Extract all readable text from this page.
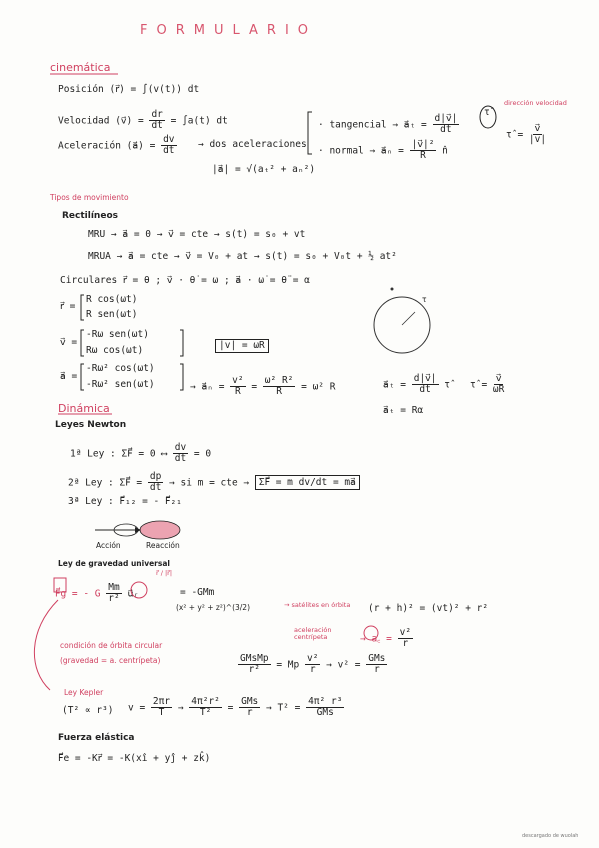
FORMULARIO
cinemática
Posición (r⃗) = ∫(v(t)) dt
Velocidad (v⃗) = $\frac{dr}{dt} = \int a(t)$ dt
Aceleración (a⃗) = $\frac{dv}{dt}$ → dos aceleraciones
· tangencial → a⃗ₜ = $\frac{d|v⃗|}{dt}$
· normal → a⃗ₙ = $\frac{\text{|v⃗|²}}{R}$ n̂
|a⃗| = √(aₜ² + aₙ²)
τ̂
dirección velocidad
τ̂ = $\frac{v⃗}{|v|}$
Tipos de movimiento
Rectilíneos
MRU → a⃗ = 0 → v⃗ = cte → s(t) = s₀ + vt
MRUA → a⃗ = cte → v⃗ = V₀ + at → s(t) = s₀ + V₀t + ½ at²
Circulares r⃗ = θ ; v⃗ · θ̇ = ω ; a⃗ · ω̇ = θ̈ = α
r⃗ =
R cos(ωt)
R sen(ωt)
v⃗ =
-Rω sen(ωt)
Rω cos(ωt)	|v| = ωR
a⃗ =
-Rω² cos(ωt)
-Rω² sen(ωt)	→ a⃗ₙ = $\frac{\text{v²}}{R} = \frac{\text{ω² R²}}{R} = \omega^2$ R	a⃗ₜ = $\frac{d|v⃗|}{dt}$ τ̂ τ̂ = $\frac{v⃗}{\omega R}$
a⃗ₜ = Rα
τ
Dinámica
Leyes Newton
1ª Ley : ΣF⃗ = 0 ⟷ $\frac{dv}{dt} = 0$
2ª Ley : ΣF⃗ = $\frac{dp}{dt}$ → si m = cte → ΣF⃗ = m dv/dt = ma⃗
3ª Ley : F⃗₁₂ = - F⃗₂₁
Acción	Reacción
Ley de gravedad universal
F⃗g = - G $\frac{Mm}{\text{r²}}$ u⃗ᵣ
r⃗ / |r⃗|
= -GMm
(x² + y² + z²)^(3/2)	→ satélites en órbita	(r + h)² = (vt)² + r²
aceleración centrípeta	→ a꜀ = $\frac{\text{v²}}{r}$
condición de órbita circular
(gravedad = a. centrípeta)	$\frac{\text{GMsMp}}{\text{r²}} = Mp \frac{\text{v²}}{r} \to v^2 = \frac{\text{GMs}}{r}$
Ley Kepler
(T² ∝ r³) $v = \frac{2\pi r}{T} \to \frac{\text{4π²r²}}{\text{T²}} = \frac{\text{GMs}}{r} \to T^2 = \frac{\text{4π² r³}}{\text{GMs}}$
Fuerza elástica
F⃗e = -Kr⃗ = -K(xî + yĵ + zk̂)
descargado de wuolah
